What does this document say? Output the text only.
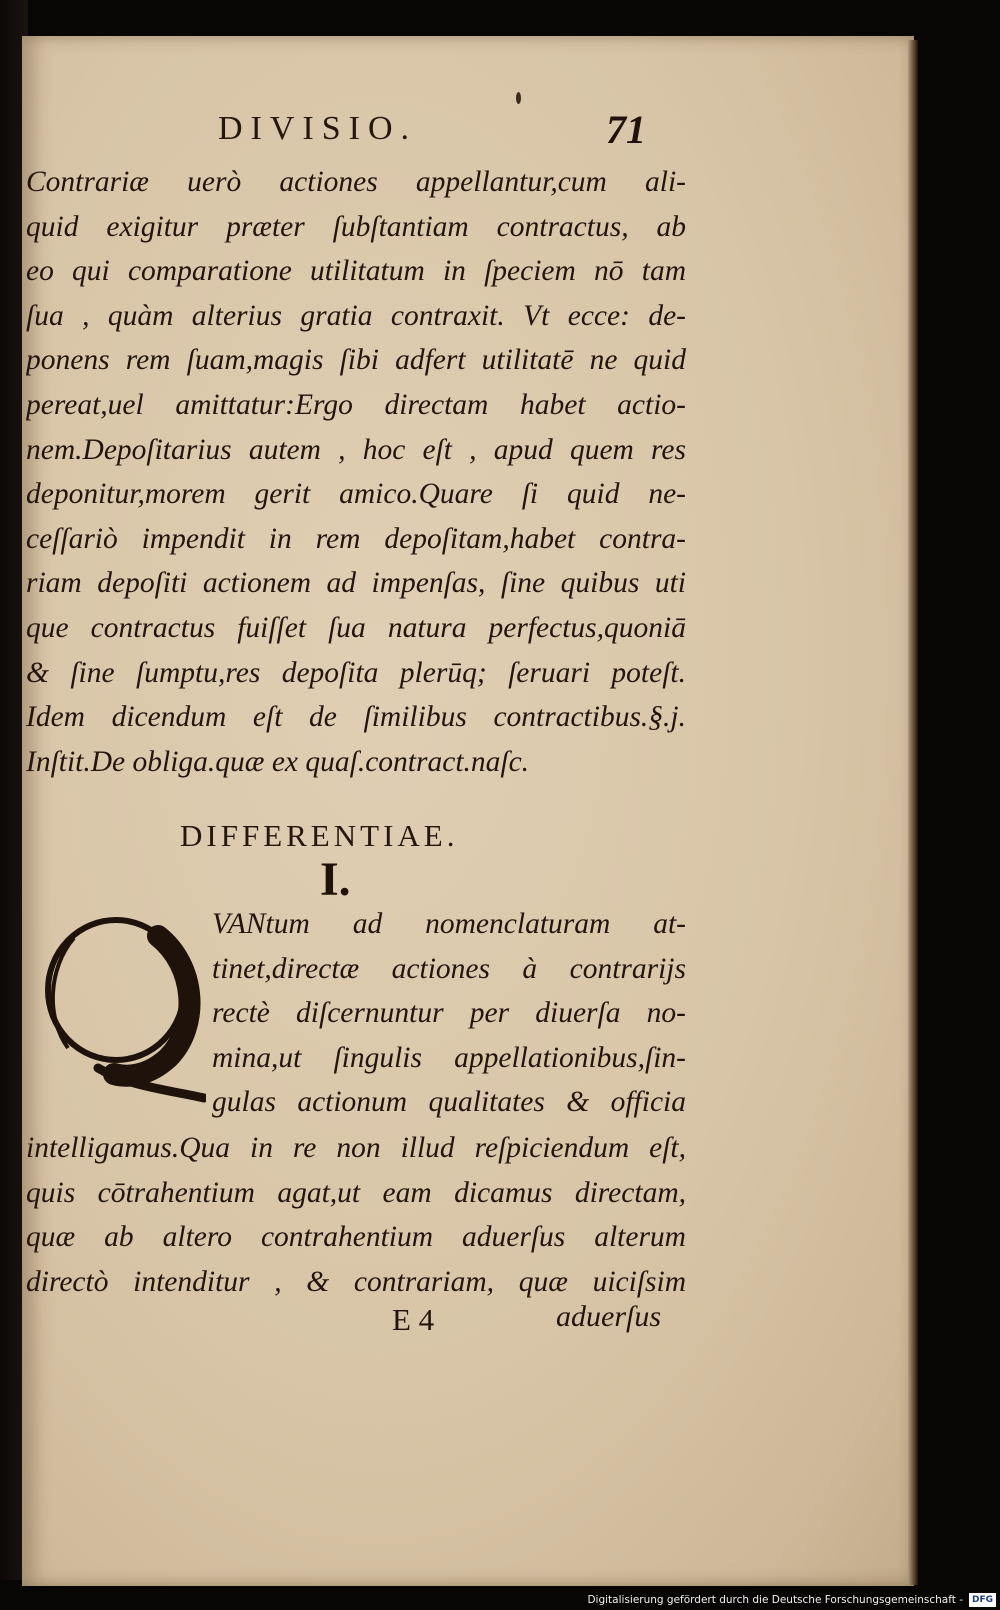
DIVISIO.	71

Contrariæ uerò actiones appellantur,cum ali-
quid exigitur præter ſubſtantiam contractus, ab
eo qui comparatione utilitatum in ſpeciem nō tam
ſua , quàm alterius gratia contraxit. Vt ecce: de-
ponens rem ſuam,magis ſibi adfert utilitatē ne quid
pereat,uel amittatur:Ergo directam habet actio-
nem.Depoſitarius autem , hoc eſt , apud quem res
deponitur,morem gerit amico.Quare ſi quid ne-
ceſſariò impendit in rem depoſitam,habet contra-
riam depoſiti actionem ad impenſas, ſine quibus uti
que contractus fuiſſet ſua natura perfectus,quoniā
& ſine ſumptu,res depoſita plerūq; ſeruari poteſt.
Idem dicendum eſt de ſimilibus contractibus.§.j.
Inſtit.De obliga.quæ ex quaſ.contract.naſc.

DIFFERENTIAE.
I.

VANtum ad nomenclaturam at-
tinet,directæ actiones à contrarijs
rectè diſcernuntur per diuerſa no-
mina,ut ſingulis appellationibus,ſin-
gulas actionum qualitates & officia

intelligamus.Qua in re non illud reſpiciendum eſt,
quis cōtrahentium agat,ut eam dicamus directam,
quæ ab altero contrahentium aduerſus alterum
directò intenditur , & contrariam, quæ uiciſsim

E 4	aduerſus
Digitalisierung gefördert durch die Deutsche Forschungsgemeinschaft -	DFG
